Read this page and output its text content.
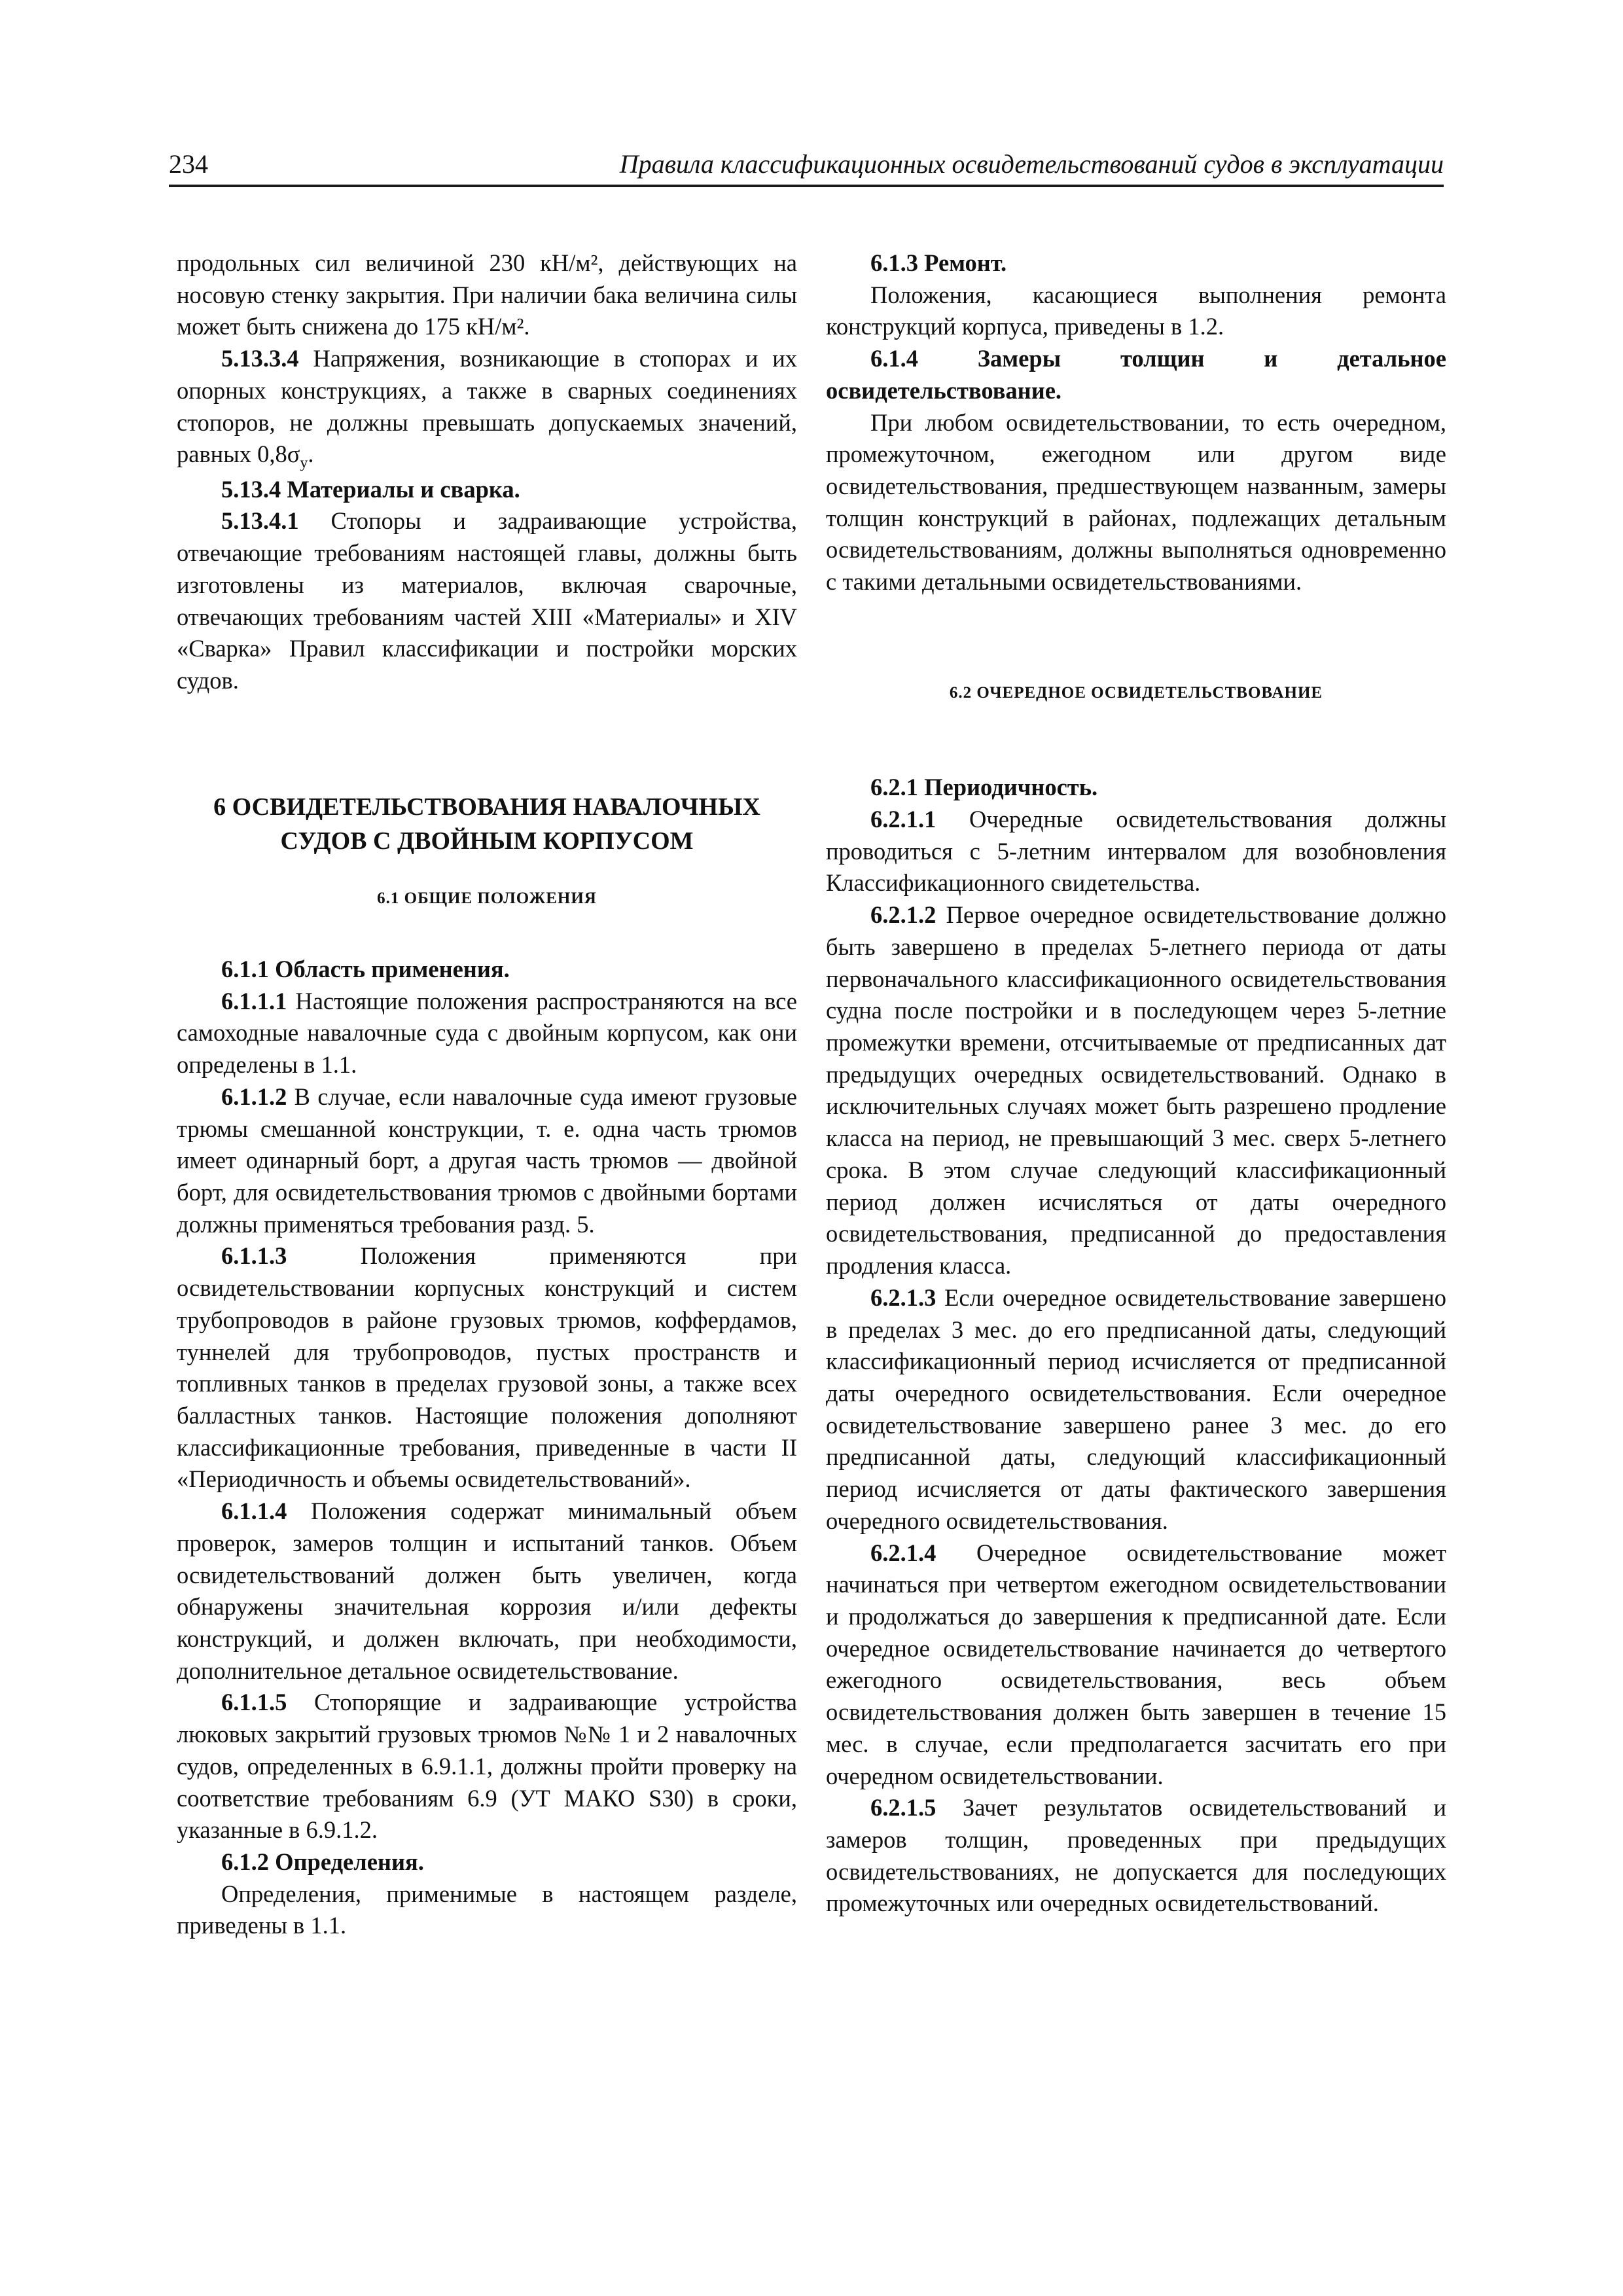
234	Правила классификационных освидетельствований судов в эксплуатации

продольных сил величиной 230 кН/м², действующих на носовую стенку закрытия. При наличии бака величина силы может быть снижена до 175 кН/м².

5.13.3.4 Напряжения, возникающие в стопорах и их опорных конструкциях, а также в сварных соединениях стопоров, не должны превышать допускаемых значений, равных $0,8\sigma_y$.

5.13.4 Материалы и сварка.

5.13.4.1 Стопоры и задраивающие устройства, отвечающие требованиям настоящей главы, должны быть изготовлены из материалов, включая сварочные, отвечающих требованиям частей XIII «Материалы» и XIV «Сварка» Правил классификации и постройки морских судов.

6 ОСВИДЕТЕЛЬСТВОВАНИЯ НАВАЛОЧНЫХ
СУДОВ С ДВОЙНЫМ КОРПУСОМ
6.1 ОБЩИЕ ПОЛОЖЕНИЯ
6.1.1 Область применения.

6.1.1.1 Настоящие положения распространяются на все самоходные навалочные суда с двойным корпусом, как они определены в 1.1.

6.1.1.2 В случае, если навалочные суда имеют грузовые трюмы смешанной конструкции, т. е. одна часть трюмов имеет одинарный борт, а другая часть трюмов — двойной борт, для освидетельствования трюмов с двойными бортами должны применяться требования разд. 5.

6.1.1.3 Положения применяются при освидетельствовании корпусных конструкций и систем трубопроводов в районе грузовых трюмов, коффердамов, туннелей для трубопроводов, пустых пространств и топливных танков в пределах грузовой зоны, а также всех балластных танков. Настоящие положения дополняют классификационные требования, приведенные в части II «Периодичность и объемы освидетельствований».

6.1.1.4 Положения содержат минимальный объем проверок, замеров толщин и испытаний танков. Объем освидетельствований должен быть увеличен, когда обнаружены значительная коррозия и/или дефекты конструкций, и должен включать, при необходимости, дополнительное детальное освидетельствование.

6.1.1.5 Стопорящие и задраивающие устройства люковых закрытий грузовых трюмов №№ 1 и 2 навалочных судов, определенных в 6.9.1.1, должны пройти проверку на соответствие требованиям 6.9 (УТ МАКО S30) в сроки, указанные в 6.9.1.2.

6.1.2 Определения.

Определения, применимые в настоящем разделе, приведены в 1.1.

6.1.3 Ремонт.

Положения, касающиеся выполнения ремонта конструкций корпуса, приведены в 1.2.

6.1.4 Замеры толщин и детальное освидетельствование.

При любом освидетельствовании, то есть очередном, промежуточном, ежегодном или другом виде освидетельствования, предшествующем названным, замеры толщин конструкций в районах, подлежащих детальным освидетельствованиям, должны выполняться одновременно с такими детальными освидетельствованиями.

6.2 ОЧЕРЕДНОЕ ОСВИДЕТЕЛЬСТВОВАНИЕ
6.2.1 Периодичность.

6.2.1.1 Очередные освидетельствования должны проводиться с 5-летним интервалом для возобновления Классификационного свидетельства.

6.2.1.2 Первое очередное освидетельствование должно быть завершено в пределах 5-летнего периода от даты первоначального классификационного освидетельствования судна после постройки и в последующем через 5-летние промежутки времени, отсчитываемые от предписанных дат предыдущих очередных освидетельствований. Однако в исключительных случаях может быть разрешено продление класса на период, не превышающий 3 мес. сверх 5-летнего срока. В этом случае следующий классификационный период должен исчисляться от даты очередного освидетельствования, предписанной до предоставления продления класса.

6.2.1.3 Если очередное освидетельствование завершено в пределах 3 мес. до его предписанной даты, следующий классификационный период исчисляется от предписанной даты очередного освидетельствования. Если очередное освидетельствование завершено ранее 3 мес. до его предписанной даты, следующий классификационный период исчисляется от даты фактического завершения очередного освидетельствования.

6.2.1.4 Очередное освидетельствование может начинаться при четвертом ежегодном освидетельствовании и продолжаться до завершения к предписанной дате. Если очередное освидетельствование начинается до четвертого ежегодного освидетельствования, весь объем освидетельствования должен быть завершен в течение 15 мес. в случае, если предполагается засчитать его при очередном освидетельствовании.

6.2.1.5 Зачет результатов освидетельствований и замеров толщин, проведенных при предыдущих освидетельствованиях, не допускается для последующих промежуточных или очередных освидетельствований.
